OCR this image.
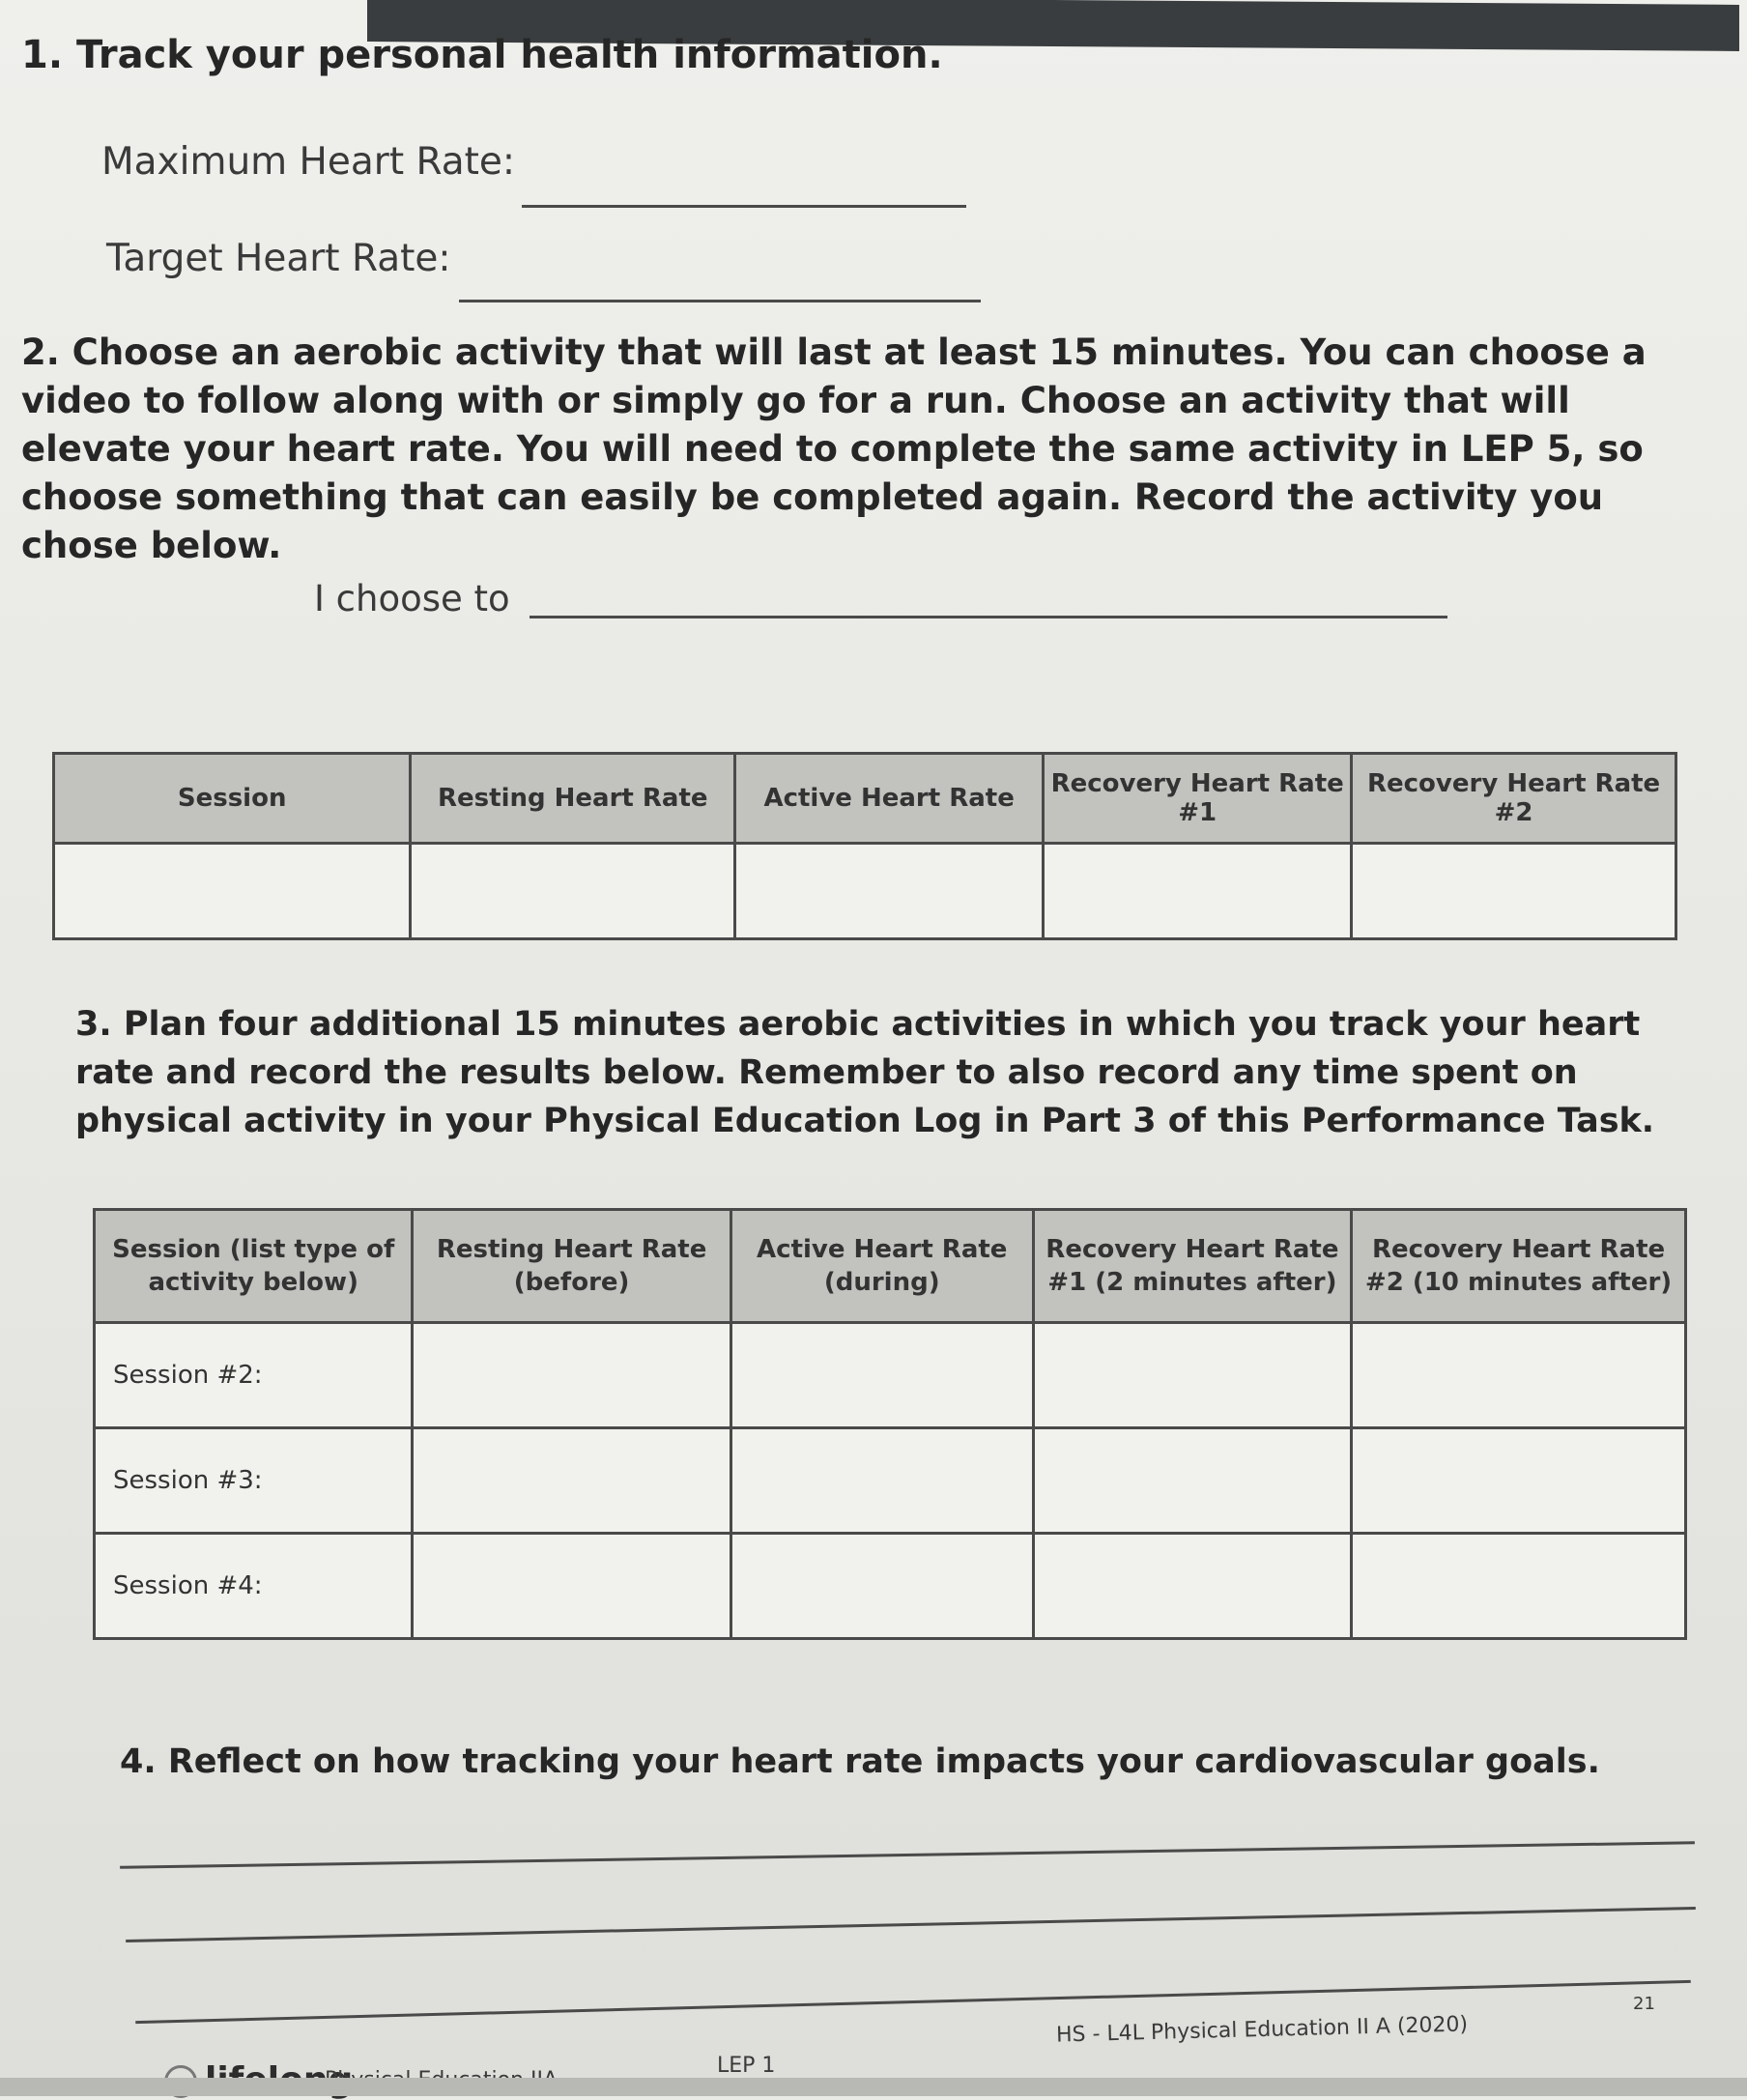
1. Track your personal health information.
Maximum Heart Rate:
Target Heart Rate:
2. Choose an aerobic activity that will last at least 15 minutes. You can choose a video to follow along with or simply go for a run. Choose an activity that will elevate your heart rate. You will need to complete the same activity in LEP 5, so choose something that can easily be completed again. Record the activity you chose below.
I choose to
Session	Resting Heart Rate	Active Heart Rate	Recovery Heart Rate #1	Recovery Heart Rate #2

3. Plan four additional 15 minutes aerobic activities in which you track your heart rate and record the results below. Remember to also record any time spent on physical activity in your Physical Education Log in Part 3 of this Performance Task.
Session (list type of activity below)	Resting Heart Rate (before)	Active Heart Rate (during)	Recovery Heart Rate #1 (2 minutes after)	Recovery Heart Rate #2 (10 minutes after)
Session #2:				
Session #3:				
Session #4:				
4. Reflect on how tracking your heart rate impacts your cardiovascular goals.
LEP 1
HS - L4L Physical Education II A (2020)
21
